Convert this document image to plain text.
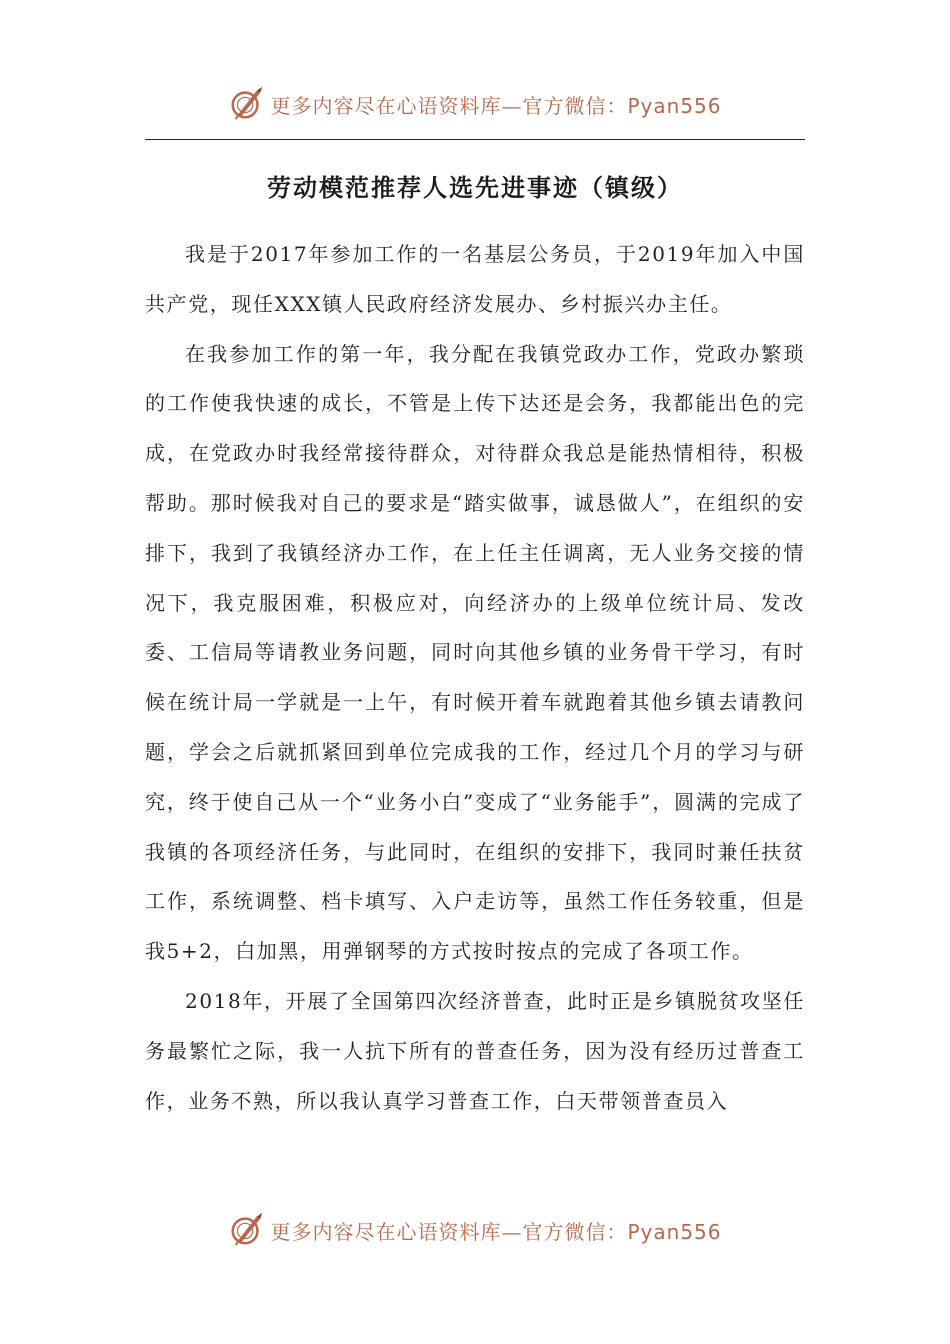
更多内容尽在心语资料库—官方微信：Pyan556
劳动模范推荐人选先进事迹（镇级）

我是于2017年参加工作的一名基层公务员，于2019年加入中国共产党，现任XXX镇人民政府经济发展办、乡村振兴办主任。

在我参加工作的第一年，我分配在我镇党政办工作，党政办繁琐的工作使我快速的成长，不管是上传下达还是会务，我都能出色的完成，在党政办时我经常接待群众，对待群众我总是能热情相待，积极帮助。那时候我对自己的要求是“踏实做事，诚恳做人”，在组织的安排下，我到了我镇经济办工作，在上任主任调离，无人业务交接的情况下，我克服困难，积极应对，向经济办的上级单位统计局、发改委、工信局等请教业务问题，同时向其他乡镇的业务骨干学习，有时候在统计局一学就是一上午，有时候开着车就跑着其他乡镇去请教问题，学会之后就抓紧回到单位完成我的工作，经过几个月的学习与研究，终于使自己从一个“业务小白”变成了“业务能手”，圆满的完成了我镇的各项经济任务，与此同时，在组织的安排下，我同时兼任扶贫工作，系统调整、档卡填写、入户走访等，虽然工作任务较重，但是我5+2，白加黑，用弹钢琴的方式按时按点的完成了各项工作。

2018年，开展了全国第四次经济普查，此时正是乡镇脱贫攻坚任务最繁忙之际，我一人抗下所有的普查任务，因为没有经历过普查工作，业务不熟，所以我认真学习普查工作，白天带领普查员入

更多内容尽在心语资料库—官方微信：Pyan556
